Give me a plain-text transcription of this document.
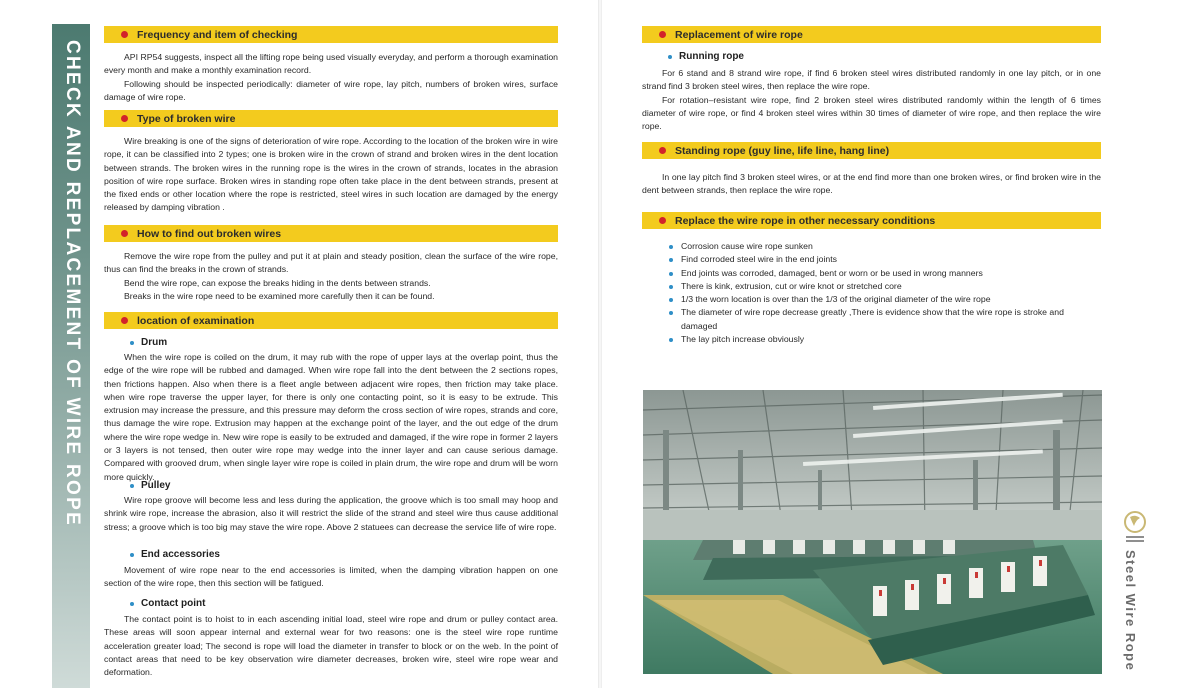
CHECK AND REPLACEMENT OF WIRE ROPE
Frequency and item of checking

API RP54 suggests, inspect all the lifting rope being used visually everyday, and perform a thorough examination every month and make a monthly examination record.

Following should be inspected periodically: diameter of wire rope, lay pitch, numbers of broken wires, surface damage of wire rope.

Type of broken wire

Wire breaking is one of the signs of deterioration of wire rope. According to the location of the broken wire in wire rope, it can be classified into 2 types; one is broken wire in the crown of strand and broken wires in the dent location between strands. The broken wires in the running rope is the wires in the crown of strands, locates in the abrasion position of wire rope surface. Broken wires in standing rope often take place in the dent between strands, present at the fixed ends or other location where the rope is restricted, steel wires in such location are damaged by the energy released by damping vibration .

How to find out broken wires

Remove the wire rope from the pulley and put it at plain and steady position, clean the surface of the wire rope, thus can find the breaks in the crown of strands.

Bend the wire rope, can expose the breaks hiding in the dents between strands.

Breaks in the wire rope need to be examined more carefully then it can be found.

location of examination
Drum

When the wire rope is coiled on the drum, it may rub with the rope of upper lays at the overlap point, thus the edge of the wire rope will be rubbed and damaged. When wire rope fall into the dent between the 2 sections ropes, then frictions happen. Also when there is a fleet angle between adjacent wire ropes, then friction may take place. when wire rope traverse the upper layer, for there is only one contacting point, so it is easy to be extrude. This extrusion may increase the pressure, and this pressure may deform the cross section of wire ropes, strands and core, thus damage the wire rope. Extrusion may happen at the exchange point of the layer, and the out edge of the drum where the wire rope wedge in. New wire rope is easily to be extruded and damaged, if the wire rope in former 2 layers or 3 layers is not tensed, then outer wire rope may wedge into the inner layer and can cause serious damage. Compared with grooved drum, when single layer wire rope is coiled in plain drum, the wire rope and drum will be worn more quickly.

Pulley

Wire rope groove will become less and less during the application, the groove which is too small may hoop and shrink wire rope, increase the abrasion, also it will restrict the slide of the strand and steel wire thus cause additional stress; a groove which is too big may stave the wire rope. Above 2 statuees can decrease the service life of wire rope.

End accessories

Movement of wire rope near to the end accessories is limited, when the damping vibration happen on one section of the wire rope, then this section will be fatigued.

Contact point

The contact point is to hoist to in each ascending initial load, steel wire rope and drum or pulley contact area. These areas will soon appear internal and external wear for two reasons: one is the steel wire rope runtime acceleration greater load; The second is rope will load the diameter in transfer to block or on the web. In the point of contact areas that need to be key observation wire diameter decreases, broken wire, steel wire rope wear and deformation.

Replacement of wire rope
Running rope

For 6 stand and 8 strand wire rope, if find 6 broken steel wires distributed randomly in one lay pitch, or in one strand find 3 broken steel wires, then replace the wire rope.

For rotation–resistant wire rope, find 2 broken steel wires distributed randomly within the length of 6 times diameter of wire rope, or find 4 broken steel wires within 30 times of diameter of wire rope, and then replace the wire rope.

Standing rope (guy line, life line, hang line)

In one lay pitch find 3 broken steel wires, or at the end find more than one broken wires, or find broken wire in the dent between strands, then replace the wire rope.

Replace the wire rope in other necessary conditions
Corrosion cause wire rope sunken
Find corroded steel wire in the end joints
End joints was corroded, damaged, bent or worn or be used in wrong manners
There is kink, extrusion, cut or wire knot or stretched core
1/3 the worn location is over than the 1/3 of the original diameter of the wire rope
The diameter of wire rope decrease greatly ,There is evidence show that the wire rope is stroke and damaged
The lay pitch increase obviously
Steel Wire Rope
